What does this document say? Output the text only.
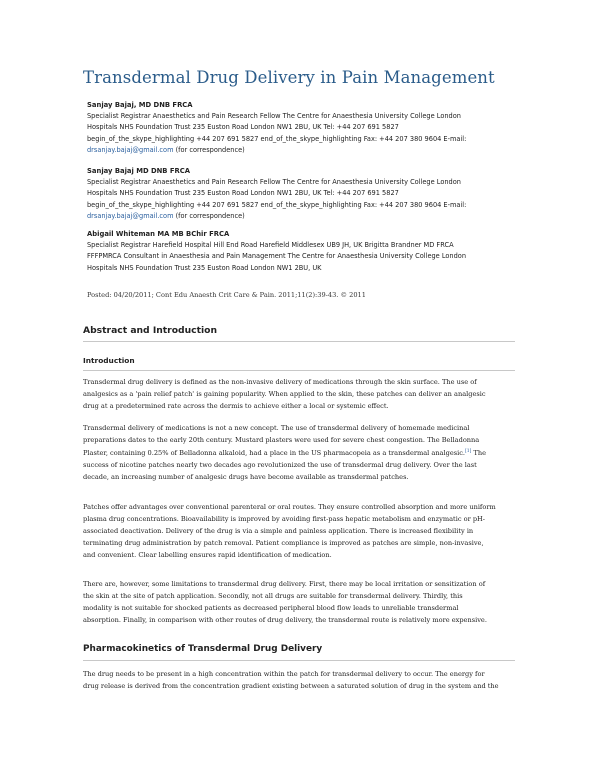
Transdermal Drug Delivery in Pain Management
Sanjay Bajaj, MD DNB FRCA
Specialist Registrar Anaesthetics and Pain Research Fellow The Centre for Anaesthesia University College London
Hospitals NHS Foundation Trust 235 Euston Road London NW1 2BU, UK Tel: +44 207 691 5827
begin_of_the_skype_highlighting +44 207 691 5827 end_of_the_skype_highlighting Fax: +44 207 380 9604 E-mail:
drsanjay.bajaj@gmail.com (for correspondence)
Sanjay Bajaj MD DNB FRCA
Specialist Registrar Anaesthetics and Pain Research Fellow The Centre for Anaesthesia University College London
Hospitals NHS Foundation Trust 235 Euston Road London NW1 2BU, UK Tel: +44 207 691 5827
begin_of_the_skype_highlighting +44 207 691 5827 end_of_the_skype_highlighting Fax: +44 207 380 9604 E-mail:
drsanjay.bajaj@gmail.com (for correspondence)
Abigail Whiteman MA MB BChir FRCA
Specialist Registrar Harefield Hospital Hill End Road Harefield Middlesex UB9 JH, UK Brigitta Brandner MD FRCA
FFFPMRCA Consultant in Anaesthesia and Pain Management The Centre for Anaesthesia University College London
Hospitals NHS Foundation Trust 235 Euston Road London NW1 2BU, UK
Posted: 04/20/2011; Cont Edu Anaesth Crit Care & Pain. 2011;11(2):39-43. © 2011
Abstract and Introduction
Introduction
Transdermal drug delivery is defined as the non-invasive delivery of medications through the skin surface. The use of
analgesics as a 'pain relief patch' is gaining popularity. When applied to the skin, these patches can deliver an analgesic
drug at a predetermined rate across the dermis to achieve either a local or systemic effect.
Transdermal delivery of medications is not a new concept. The use of transdermal delivery of homemade medicinal
preparations dates to the early 20th century. Mustard plasters were used for severe chest congestion. The Belladonna
Plaster, containing 0.25% of Belladonna alkaloid, had a place in the US pharmacopeia as a transdermal analgesic.[1] The
success of nicotine patches nearly two decades ago revolutionized the use of transdermal drug delivery. Over the last
decade, an increasing number of analgesic drugs have become available as transdermal patches.
Patches offer advantages over conventional parenteral or oral routes. They ensure controlled absorption and more uniform
plasma drug concentrations. Bioavailability is improved by avoiding first-pass hepatic metabolism and enzymatic or pH-
associated deactivation. Delivery of the drug is via a simple and painless application. There is increased flexibility in
terminating drug administration by patch removal. Patient compliance is improved as patches are simple, non-invasive,
and convenient. Clear labelling ensures rapid identification of medication.
There are, however, some limitations to transdermal drug delivery. First, there may be local irritation or sensitization of
the skin at the site of patch application. Secondly, not all drugs are suitable for transdermal delivery. Thirdly, this
modality is not suitable for shocked patients as decreased peripheral blood flow leads to unreliable transdermal
absorption. Finally, in comparison with other routes of drug delivery, the transdermal route is relatively more expensive.
Pharmacokinetics of Transdermal Drug Delivery
The drug needs to be present in a high concentration within the patch for transdermal delivery to occur. The energy for
drug release is derived from the concentration gradient existing between a saturated solution of drug in the system and the
